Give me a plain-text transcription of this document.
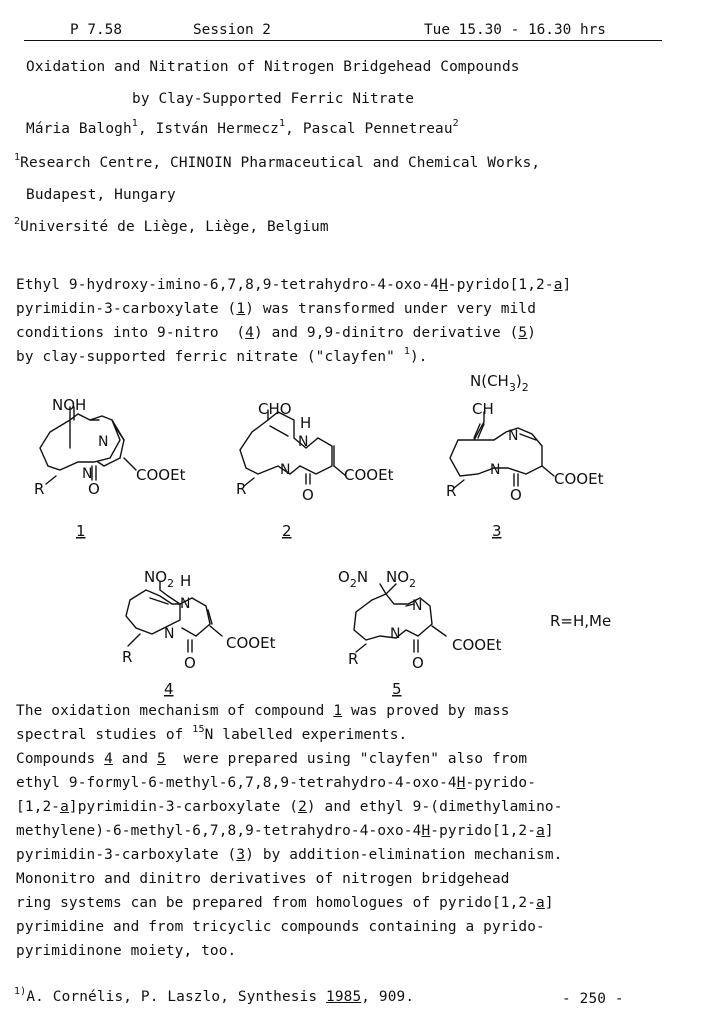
P 7.58	Session 2	Tue 15.30 - 16.30 hrs
Oxidation and Nitration of Nitrogen Bridgehead Compounds
by Clay-Supported Ferric Nitrate
Mária Balogh$^1$, István Hermecz$^1$, Pascal Pennetreau$^2$
$^1$Research Centre, CHINOIN Pharmaceutical and Chemical Works,
Budapest, Hungary
$^2$Université de Liège, Liège, Belgium
Ethyl 9-hydroxy-imino-6,7,8,9-tetrahydro-4-oxo-4H-pyrido[1,2-a]
pyrimidin-3-carboxylate (1) was transformed under very mild
conditions into 9-nitro  (4) and 9,9-dinitro derivative (5)
by clay-supported ferric nitrate ("clayfen" $^1$).
NOH
N
N	COOEt
O
R
1
CHO
H
N
N	COOEt
O
R
2
$N(CH_3)_2$
CH
N
N	COOEt
O
R
3
$NO_2$ H
N
N	COOEt
O
R
4
$O_2N$ $NO_2$
N
N
COOEt
O
R
5
R=H,Me
The oxidation mechanism of compound 1 was proved by mass
spectral studies of $^{15}$N labelled experiments.
Compounds 4 and 5  were prepared using "clayfen" also from
ethyl 9-formyl-6-methyl-6,7,8,9-tetrahydro-4-oxo-4H-pyrido-
[1,2-a]pyrimidin-3-carboxylate (2) and ethyl 9-(dimethylamino-
methylene)-6-methyl-6,7,8,9-tetrahydro-4-oxo-4H-pyrido[1,2-a]
pyrimidin-3-carboxylate (3) by addition-elimination mechanism.
Mononitro and dinitro derivatives of nitrogen bridgehead
ring systems can be prepared from homologues of pyrido[1,2-a]
pyrimidine and from tricyclic compounds containing a pyrido-
pyrimidinone moiety, too.
$^{1)}$A. Cornélis, P. Laszlo, Synthesis 1985, 909.	- 250 -
